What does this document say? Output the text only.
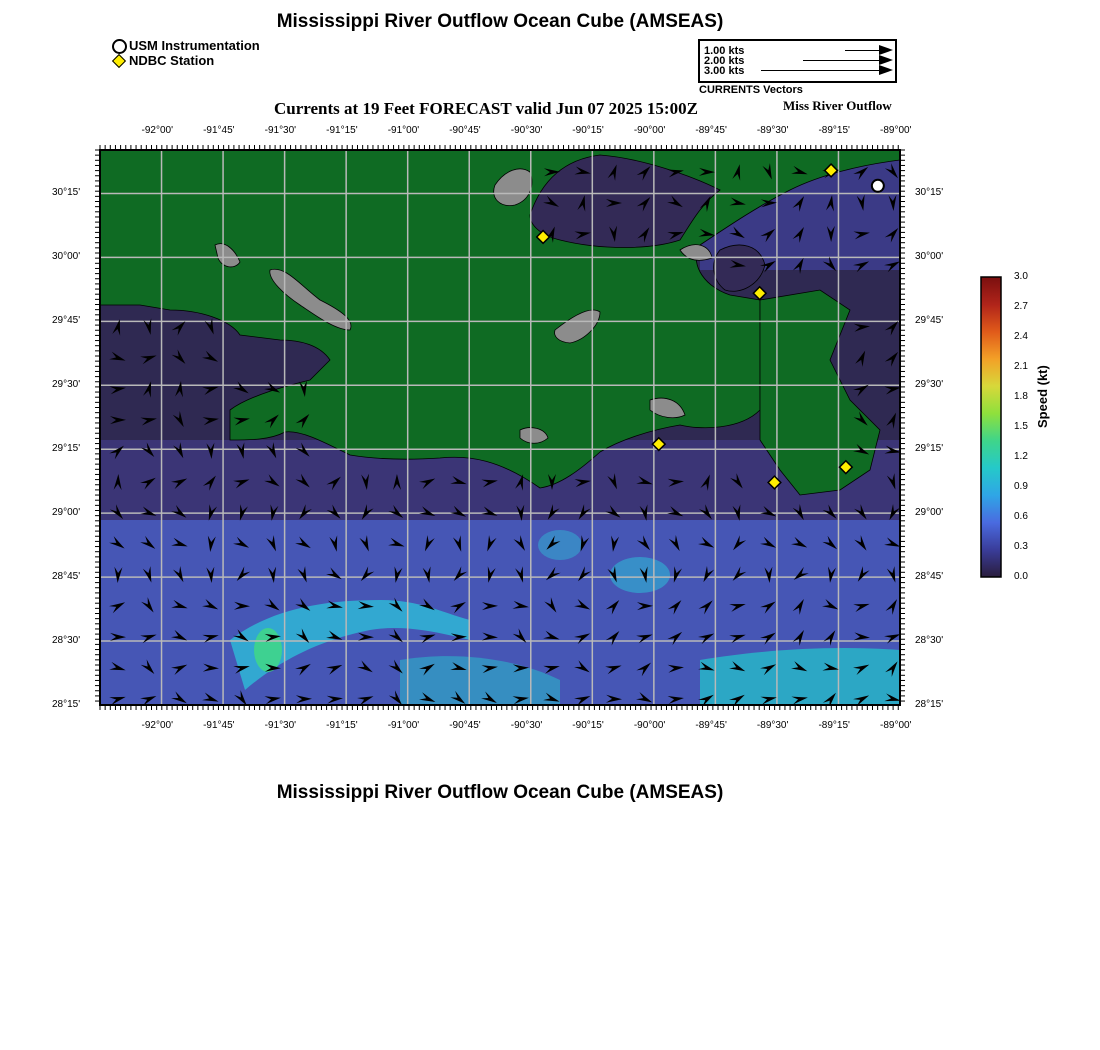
Mississippi River Outflow Ocean Cube (AMSEAS)
USM Instrumentation
NDBC Station
1.00 kts
2.00 kts
3.00 kts
CURRENTS Vectors
Currents at 19 Feet FORECAST valid Jun 07 2025 15:00Z	Miss River Outflow
-92°00'
-92°00'
-91°45'
-91°45'
-91°30'
-91°30'
-91°15'
-91°15'
-91°00'
-91°00'
-90°45'
-90°45'
-90°30'
-90°30'
-90°15'
-90°15'
-90°00'
-90°00'
-89°45'
-89°45'
-89°30'
-89°30'
-89°15'
-89°15'
-89°00'
-89°00'
30°15'	30°15'
30°00'	30°00'
29°45'	29°45'
29°30'	29°30'
29°15'	29°15'
29°00'	29°00'
28°45'	28°45'
28°30'	28°30'
28°15'	28°15'
3.0
2.7
2.4
2.1
1.8
1.5
1.2
0.9
0.6
0.3
0.0
Speed (kt)
Mississippi River Outflow Ocean Cube (AMSEAS)
